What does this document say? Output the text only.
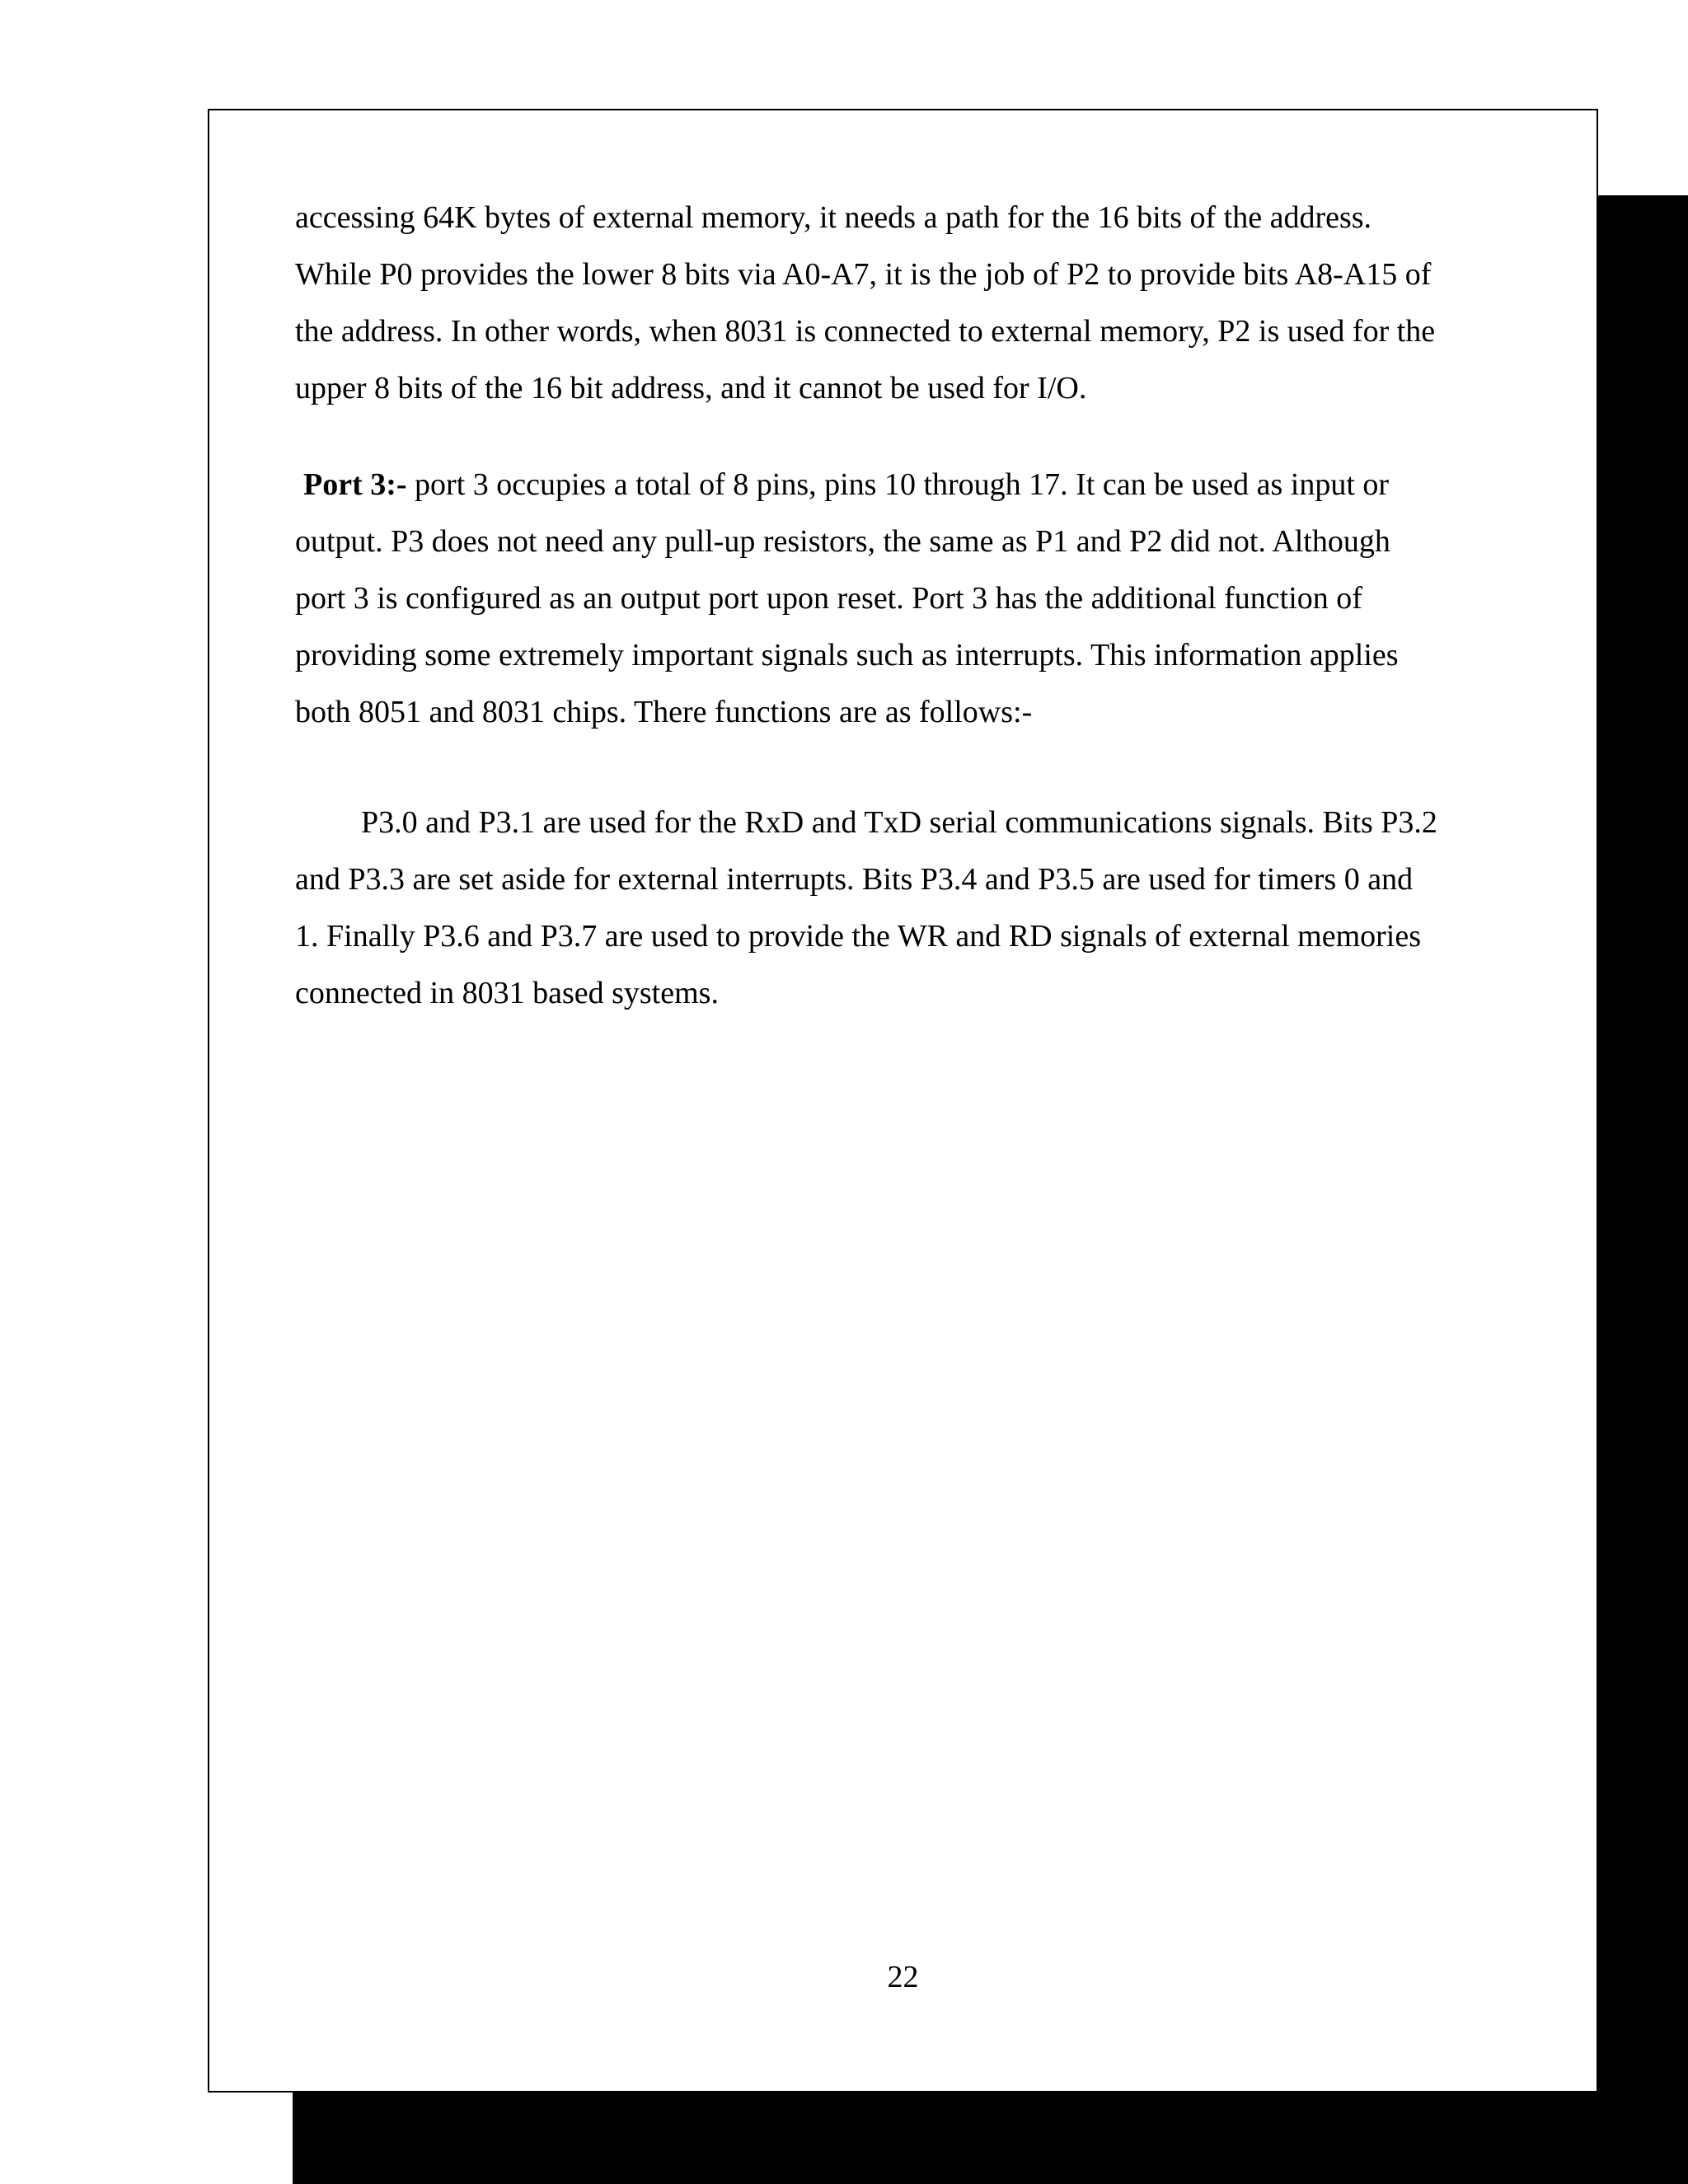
accessing 64K bytes of external memory, it needs a path for the 16 bits of the address.
While P0 provides the lower 8 bits via A0-A7, it is the job of P2 to provide bits A8-A15 of
the address. In other words, when 8031 is connected to external memory, P2 is used for the
upper 8 bits of the 16 bit address, and it cannot be used for I/O.
Port 3:- port 3 occupies a total of 8 pins, pins 10 through 17. It can be used as input or
output. P3 does not need any pull-up resistors, the same as P1 and P2 did not. Although
port 3 is configured as an output port upon reset. Port 3 has the additional function of
providing some extremely important signals such as interrupts. This information applies
both 8051 and 8031 chips. There functions are as follows:-
P3.0 and P3.1 are used for the RxD and TxD serial communications signals. Bits P3.2
and P3.3 are set aside for external interrupts. Bits P3.4 and P3.5 are used for timers 0 and
1. Finally P3.6 and P3.7 are used to provide the WR and RD signals of external memories
connected in 8031 based systems.
22
